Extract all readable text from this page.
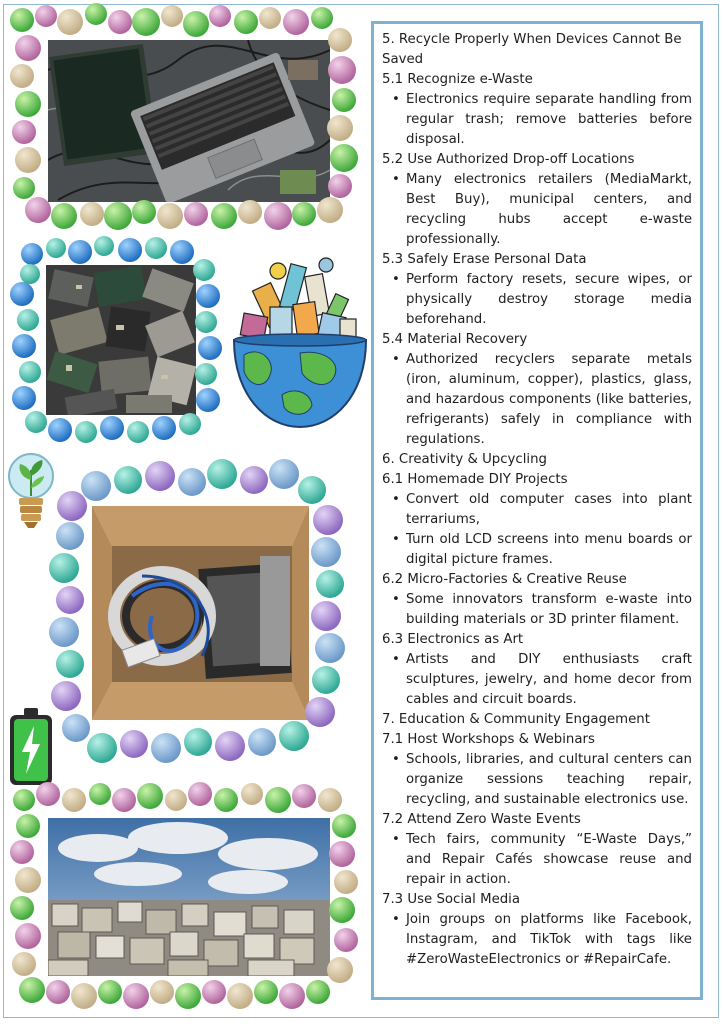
5. Recycle Properly When Devices Cannot Be Saved

5.1 Recognize e-Waste

• Electronics require separate handling from regular trash; remove batteries before disposal.

5.2 Use Authorized Drop-off Locations

• Many electronics retailers (MediaMarkt, Best Buy), municipal centers, and recycling hubs accept e-waste professionally.

5.3 Safely Erase Personal Data

• Perform factory resets, secure wipes, or physically destroy storage media beforehand.

5.4 Material Recovery

• Authorized recyclers separate metals (iron, aluminum, copper), plastics, glass, and hazardous components (like batteries, refrigerants) safely in compliance with regulations.

6. Creativity & Upcycling

6.1 Homemade DIY Projects

• Convert old computer cases into plant terrariums,
• Turn old LCD screens into menu boards or digital picture frames.

6.2 Micro-Factories & Creative Reuse

• Some innovators transform e-waste into building materials or 3D printer filament.

6.3 Electronics as Art

• Artists and DIY enthusiasts craft sculptures, jewelry, and home decor from cables and circuit boards.

7. Education & Community Engagement

7.1 Host Workshops & Webinars

• Schools, libraries, and cultural centers can organize sessions teaching repair, recycling, and sustainable electronics use.

7.2 Attend Zero Waste Events

• Tech fairs, community “E-Waste Days,” and Repair Cafés showcase reuse and repair in action.

7.3 Use Social Media

• Join groups on platforms like Facebook, Instagram, and TikTok with tags like #ZeroWasteElectronics or #RepairCafe.
